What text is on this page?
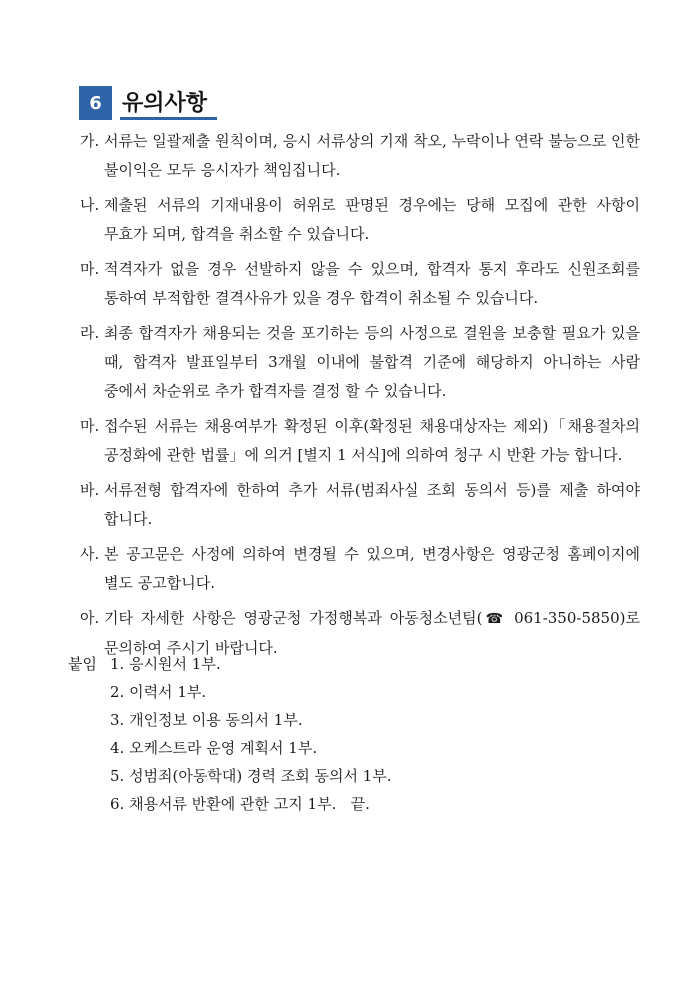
6 유의사항
가. 서류는 일괄제출 원칙이며, 응시 서류상의 기재 착오, 누락이나 연락 불능으로 인한 불이익은 모두 응시자가 책임집니다.
나. 제출된 서류의 기재내용이 허위로 판명된 경우에는 당해 모집에 관한 사항이 무효가 되며, 합격을 취소할 수 있습니다.
마. 적격자가 없을 경우 선발하지 않을 수 있으며, 합격자 통지 후라도 신원조회를 통하여 부적합한 결격사유가 있을 경우 합격이 취소될 수 있습니다.
라. 최종 합격자가 채용되는 것을 포기하는 등의 사정으로 결원을 보충할 필요가 있을 때, 합격자 발표일부터 3개월 이내에 불합격 기준에 해당하지 아니하는 사람 중에서 차순위로 추가 합격자를 결정 할 수 있습니다.
마. 접수된 서류는 채용여부가 확정된 이후(확정된 채용대상자는 제외)「채용절차의 공정화에 관한 법률」에 의거 [별지 1 서식]에 의하여 청구 시 반환 가능 합니다.
바. 서류전형 합격자에 한하여 추가 서류(범죄사실 조회 동의서 등)를 제출 하여야 합니다.
사. 본 공고문은 사정에 의하여 변경될 수 있으며, 변경사항은 영광군청 홈페이지에 별도 공고합니다.
아. 기타 자세한 사항은 영광군청 가정행복과 아동청소년팀(☎ 061-350-5850)로 문의하여 주시기 바랍니다.
붙임 1. 응시원서 1부.
2. 이력서 1부.
3. 개인정보 이용 동의서 1부.
4. 오케스트라 운영 계획서 1부.
5. 성범죄(아동학대) 경력 조회 동의서 1부.
6. 채용서류 반환에 관한 고지 1부.   끝.
